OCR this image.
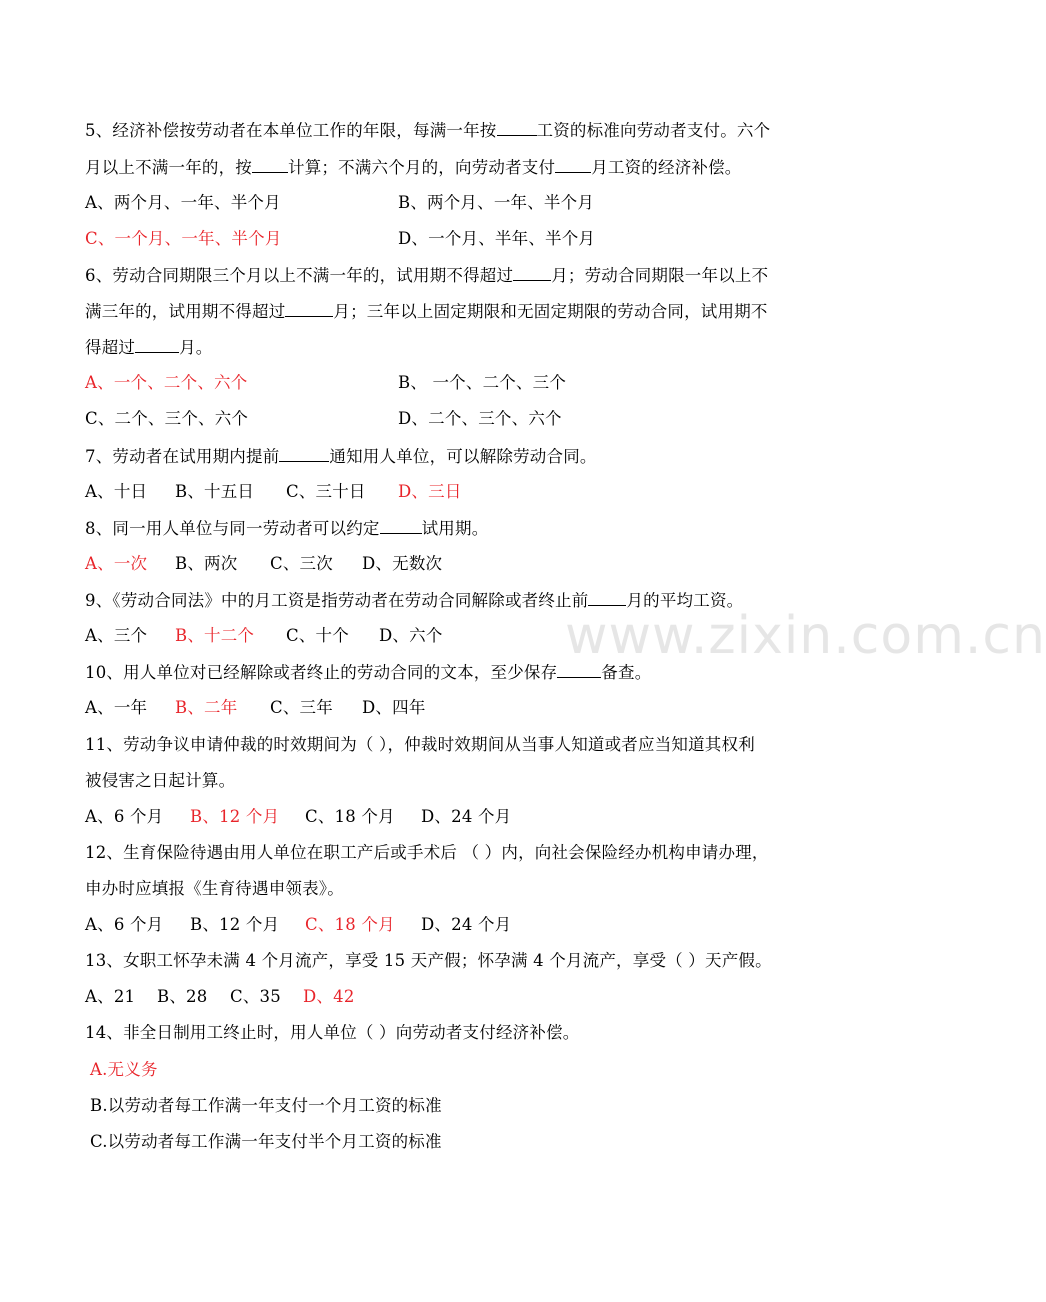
www.zixin.com.cn
5、经济补偿按劳动者在本单位工作的年限，每满一年按 工资的标准向劳动者支付。六个
月以上不满一年的，按 计算；不满六个月的，向劳动者支付 月工资的经济补偿。
A、两个月、一年、半个月	B、两个月、一年、半个月
C、一个月、一年、半个月	D、一个月、半年、半个月
6、劳动合同期限三个月以上不满一年的，试用期不得超过 月；劳动合同期限一年以上不
满三年的，试用期不得超过	月；三年以上固定期限和无固定期限的劳动合同，试用期不
得超过	月。
A、一个、二个、六个	B、 一个、二个、三个
C、二个、三个、六个	D、二个、三个、六个
7、劳动者在试用期内提前	通知用人单位，可以解除劳动合同。
A、十日 B、十五日 C、三十日 D、三日
8、同一用人单位与同一劳动者可以约定	试用期。
A、一次 B、两次 C、三次 D、无数次
9、《劳动合同法》中的月工资是指劳动者在劳动合同解除或者终止前 月的平均工资。
A、三个 B、十二个 C、十个 D、六个
10、用人单位对已经解除或者终止的劳动合同的文本，至少保存	备查。
A、一年 B、二年 C、三年 D、四年
11、劳动争议申请仲裁的时效期间为（ ），仲裁时效期间从当事人知道或者应当知道其权利
被侵害之日起计算。
A、6 个月 B、12 个月 C、18 个月 D、24 个月
12、生育保险待遇由用人单位在职工产后或手术后 （ ）内，向社会保险经办机构申请办理，
申办时应填报《生育待遇申领表》。
A、6 个月 B、12 个月 C、18 个月 D、24 个月
13、女职工怀孕未满 4 个月流产，享受 15 天产假；怀孕满 4 个月流产，享受（ ）天产假。
A、21 B、28 C、35 D、42
14、非全日制用工终止时，用人单位（ ）向劳动者支付经济补偿。
A.无义务
B.以劳动者每工作满一年支付一个月工资的标准
C.以劳动者每工作满一年支付半个月工资的标准
